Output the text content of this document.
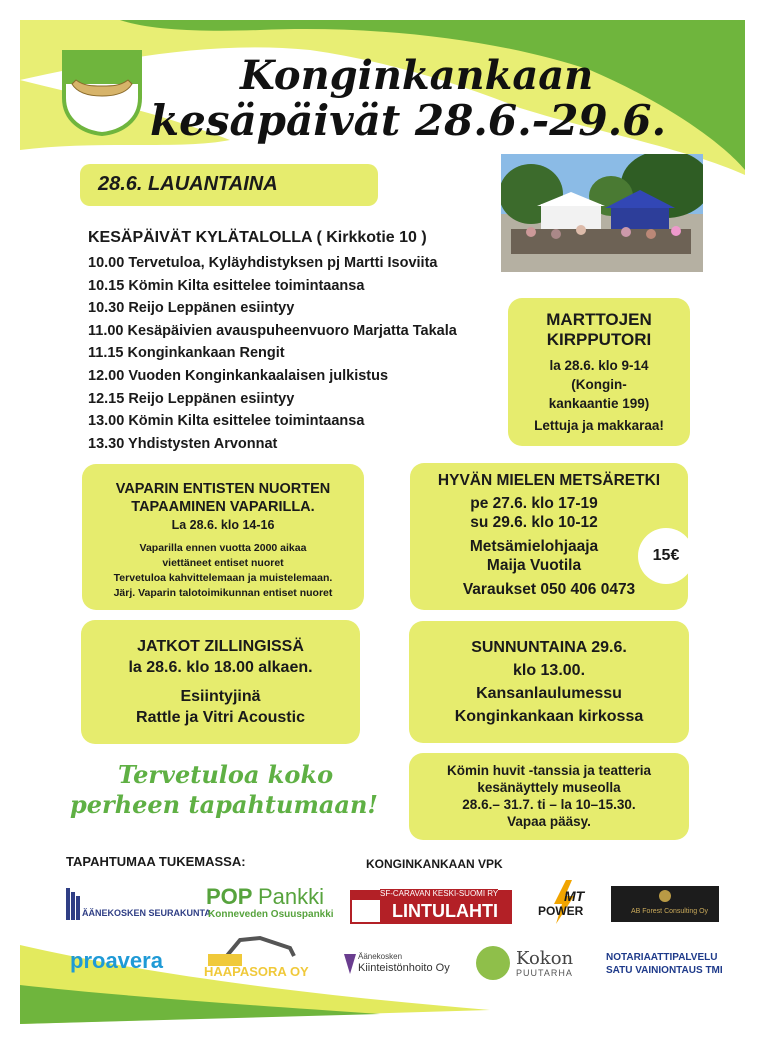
Konginkankaan
kesäpäivät 28.6.-29.6.
28.6. LAUANTAINA
KESÄPÄIVÄT KYLÄTALOLLA ( Kirkkotie 10 )
10.00 Tervetuloa, Kyläyhdistyksen pj Martti Isoviita
10.15 Kömin Kilta esittelee toimintaansa
10.30 Reijo Leppänen esiintyy
11.00 Kesäpäivien avauspuheenvuoro Marjatta Takala
11.15 Konginkankaan Rengit
12.00 Vuoden Konginkankaalaisen julkistus
12.15 Reijo Leppänen esiintyy
13.00 Kömin Kilta esittelee toimintaansa
13.30 Yhdistysten Arvonnat
MARTTOJEN
KIRPPUTORI
la 28.6. klo 9-14
(Kongin-
kankaantie 199)
Lettuja ja makkaraa!
VAPARIN ENTISTEN NUORTEN
TAPAAMINEN VAPARILLA.
La 28.6. klo 14-16
Vaparilla ennen vuotta 2000 aikaa
viettäneet entiset nuoret
Tervetuloa kahvittelemaan ja muistelemaan.
Järj. Vaparin talotoimikunnan entiset nuoret
HYVÄN MIELEN METSÄRETKI
pe 27.6. klo 17-19
su 29.6. klo 10-12
Metsämielohjaaja
Maija Vuotila
Varaukset 050 406 0473
15€
JATKOT ZILLINGISSÄ
la 28.6. klo 18.00 alkaen.
Esiintyjinä
Rattle ja Vitri Acoustic
SUNNUNTAINA 29.6.
klo 13.00.
Kansanlaulumessu
Konginkankaan kirkossa
Kömin huvit -tanssia ja teatteria
kesänäyttely museolla
28.6.– 31.7. ti – la 10–15.30.
Vapaa pääsy.
Tervetuloa koko
perheen tapahtumaan!
TAPAHTUMAA TUKEMASSA:	KONGINKANKAAN VPK
ÄÄNEKOSKEN SEURAKUNTA
POP Pankki
Konneveden Osuuspankki
SF-CARAVAN KESKI-SUOMI RY
LINTULAHTI
MT
POWER	AB Forest Consulting Oy
proavera	HAAPASORA OY
Äänekosken
Kiinteistönhoito Oy	Kokon
PUUTARHA
NOTARIAATTIPALVELU
SATU VAINIONTAUS TMI
